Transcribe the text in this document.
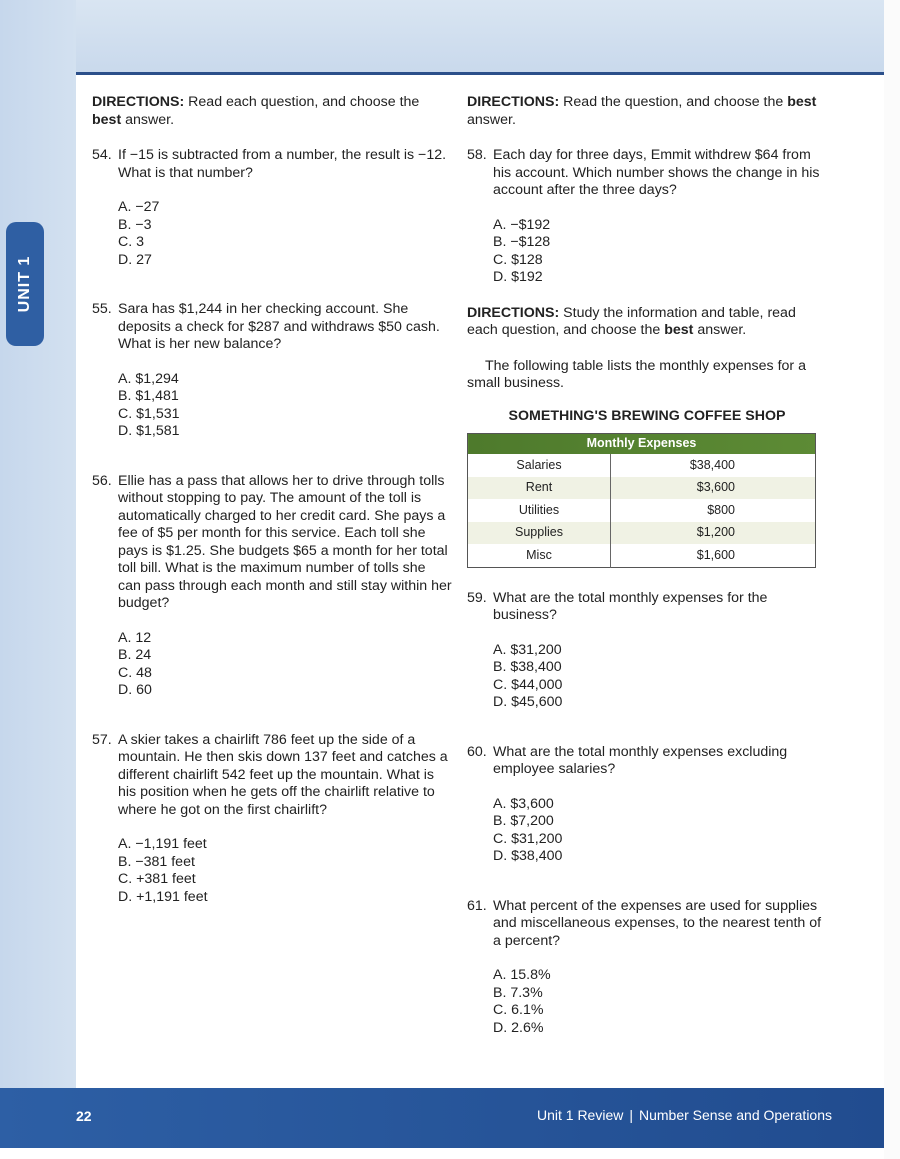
UNIT 1

DIRECTIONS: Read each question, and choose the best answer.

54. If −15 is subtracted from a number, the result is −12. What is that number?
A. −27
B. −3
C. 3
D. 27
55. Sara has $1,244 in her checking account. She deposits a check for $287 and withdraws $50 cash. What is her new balance?
A. $1,294
B. $1,481
C. $1,531
D. $1,581
56. Ellie has a pass that allows her to drive through tolls without stopping to pay. The amount of the toll is automatically charged to her credit card. She pays a fee of $5 per month for this service. Each toll she pays is $1.25. She budgets $65 a month for her total toll bill. What is the maximum number of tolls she can pass through each month and still stay within her budget?
A. 12
B. 24
C. 48
D. 60
57. A skier takes a chairlift 786 feet up the side of a mountain. He then skis down 137 feet and catches a different chairlift 542 feet up the mountain. What is his position when he gets off the chairlift relative to where he got on the first chairlift?
A. −1,191 feet
B. −381 feet
C. +381 feet
D. +1,191 feet

DIRECTIONS: Read the question, and choose the best answer.

58. Each day for three days, Emmit withdrew $64 from his account. Which number shows the change in his account after the three days?
A. −$192
B. −$128
C. $128
D. $192

DIRECTIONS: Study the information and table, read each question, and choose the best answer.

The following table lists the monthly expenses for a small business.

SOMETHING'S BREWING COFFEE SHOP
Monthly Expenses	
Salaries	$38,400
Rent	$3,600
Utilities	$800
Supplies	$1,200
Misc	$1,600
59. What are the total monthly expenses for the business?
A. $31,200
B. $38,400
C. $44,000
D. $45,600
60. What are the total monthly expenses excluding employee salaries?
A. $3,600
B. $7,200
C. $31,200
D. $38,400
61. What percent of the expenses are used for supplies and miscellaneous expenses, to the nearest tenth of a percent?
A. 15.8%
B. 7.3%
C. 6.1%
D. 2.6%
22	Unit 1 Review | Number Sense and Operations
